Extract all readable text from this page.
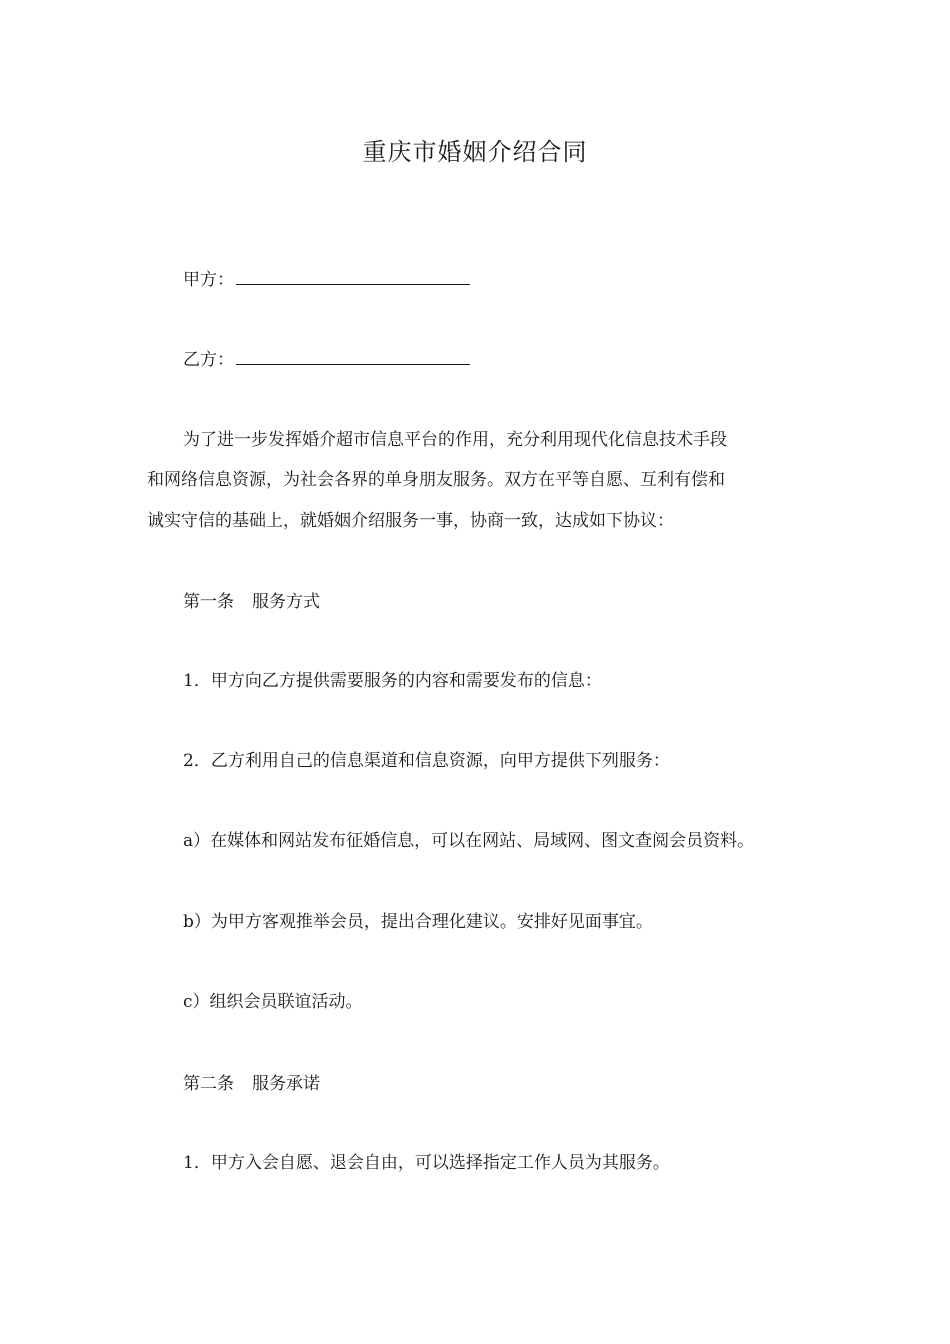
重庆市婚姻介绍合同
甲方：
乙方：
为了进一步发挥婚介超市信息平台的作用，充分利用现代化信息技术手段
和网络信息资源，为社会各界的单身朋友服务。双方在平等自愿、互利有偿和
诚实守信的基础上，就婚姻介绍服务一事，协商一致，达成如下协议：
第一条 服务方式
1．甲方向乙方提供需要服务的内容和需要发布的信息：
2．乙方利用自己的信息渠道和信息资源，向甲方提供下列服务：
a）在媒体和网站发布征婚信息，可以在网站、局域网、图文查阅会员资料。
b）为甲方客观推举会员，提出合理化建议。安排好见面事宜。
c）组织会员联谊活动。
第二条 服务承诺
1．甲方入会自愿、退会自由，可以选择指定工作人员为其服务。
